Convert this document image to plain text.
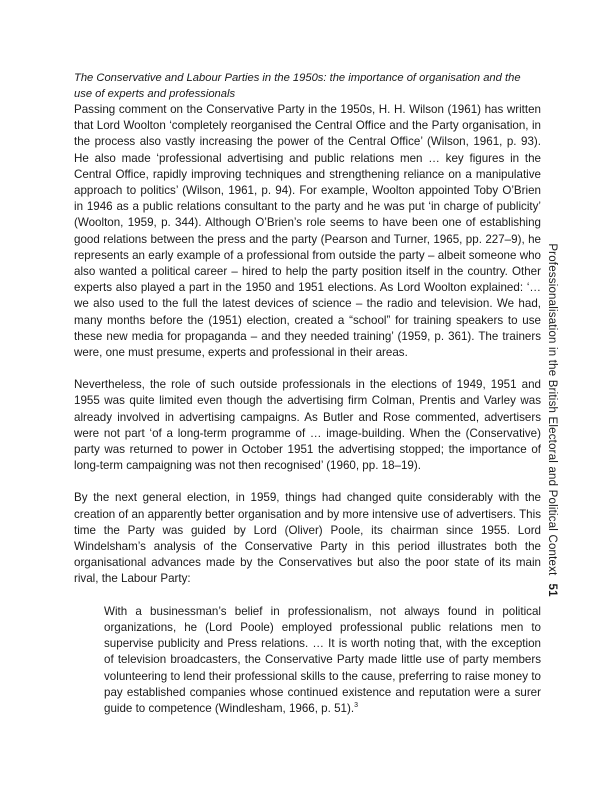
The Conservative and Labour Parties in the 1950s: the importance of organisation and the use of experts and professionals

Passing comment on the Conservative Party in the 1950s, H. H. Wilson (1961) has written that Lord Woolton ‘completely reorganised the Central Office and the Party organisation, in the process also vastly increasing the power of the Central Office’ (Wilson, 1961, p. 93). He also made ‘professional advertising and public relations men … key figures in the Central Office, rapidly improving techniques and strengthening reliance on a manipulative approach to politics’ (Wilson, 1961, p. 94). For example, Woolton appointed Toby O’Brien in 1946 as a public relations consultant to the party and he was put ‘in charge of publicity’ (Woolton, 1959, p. 344). Although O’Brien’s role seems to have been one of establishing good relations between the press and the party (Pearson and Turner, 1965, pp. 227–9), he represents an early example of a professional from outside the party – albeit someone who also wanted a political career – hired to help the party position itself in the country. Other experts also played a part in the 1950 and 1951 elections. As Lord Woolton explained: ‘… we also used to the full the latest devices of science – the radio and television. We had, many months before the (1951) election, created a “school” for training speakers to use these new media for propaganda – and they needed training’ (1959, p. 361). The trainers were, one must presume, experts and professional in their areas.

Nevertheless, the role of such outside professionals in the elections of 1949, 1951 and 1955 was quite limited even though the advertising firm Colman, Prentis and Varley was already involved in advertising campaigns. As Butler and Rose commented, advertisers were not part ‘of a long-term programme of … image-building. When the (Conservative) party was returned to power in October 1951 the advertising stopped; the importance of long-term campaigning was not then recognised’ (1960, pp. 18–19).

By the next general election, in 1959, things had changed quite considerably with the creation of an apparently better organisation and by more intensive use of advertisers. This time the Party was guided by Lord (Oliver) Poole, its chairman since 1955. Lord Windelsham’s analysis of the Conservative Party in this period illustrates both the organisational advances made by the Conservatives but also the poor state of its main rival, the Labour Party:

With a businessman’s belief in professionalism, not always found in political organizations, he (Lord Poole) employed professional public relations men to supervise publicity and Press relations. … It is worth noting that, with the exception of television broadcasters, the Conservative Party made little use of party members volunteering to lend their professional skills to the cause, preferring to raise money to pay established companies whose continued existence and reputation were a surer guide to competence (Windlesham, 1966, p. 51).$^3$
Professionalisation in the British Electoral and Political Context
51
